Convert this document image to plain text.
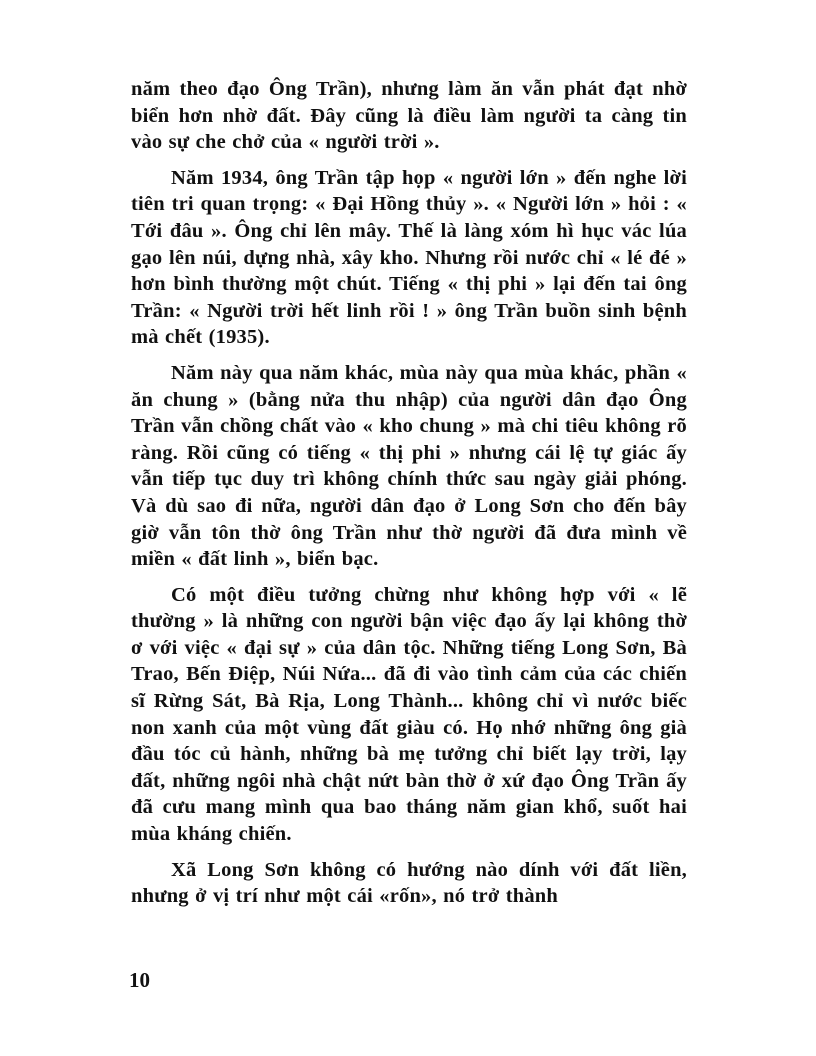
năm theo đạo Ông Trần), nhưng làm ăn vẫn phát đạt nhờ biển hơn nhờ đất. Đây cũng là điều làm người ta càng tin vào sự che chở của « người trời ».

Năm 1934, ông Trần tập họp « người lớn » đến nghe lời tiên tri quan trọng: « Đại Hồng thủy ». « Người lớn » hỏi : « Tới đâu ». Ông chỉ lên mây. Thế là làng xóm hì hục vác lúa gạo lên núi, dựng nhà, xây kho. Nhưng rồi nước chỉ « lé đé » hơn bình thường một chút. Tiếng « thị phi » lại đến tai ông Trần: « Người trời hết linh rồi ! » ông Trần buồn sinh bệnh mà chết (1935).

Năm này qua năm khác, mùa này qua mùa khác, phần « ăn chung » (bằng nửa thu nhập) của người dân đạo Ông Trần vẫn chồng chất vào « kho chung » mà chi tiêu không rõ ràng. Rồi cũng có tiếng « thị phi » nhưng cái lệ tự giác ấy vẫn tiếp tục duy trì không chính thức sau ngày giải phóng. Và dù sao đi nữa, người dân đạo ở Long Sơn cho đến bây giờ vẫn tôn thờ ông Trần như thờ người đã đưa mình về miền « đất linh », biển bạc.

Có một điều tưởng chừng như không hợp với « lẽ thường » là những con người bận việc đạo ấy lại không thờ ơ với việc « đại sự » của dân tộc. Những tiếng Long Sơn, Bà Trao, Bến Điệp, Núi Nứa... đã đi vào tình cảm của các chiến sĩ Rừng Sát, Bà Rịa, Long Thành... không chỉ vì nước biếc non xanh của một vùng đất giàu có. Họ nhớ những ông già đầu tóc củ hành, những bà mẹ tưởng chỉ biết lạy trời, lạy đất, những ngôi nhà chật nứt bàn thờ ở xứ đạo Ông Trần ấy đã cưu mang mình qua bao tháng năm gian khổ, suốt hai mùa kháng chiến.

Xã Long Sơn không có hướng nào dính với đất liền, nhưng ở vị trí như một cái «rốn», nó trở thành

10
